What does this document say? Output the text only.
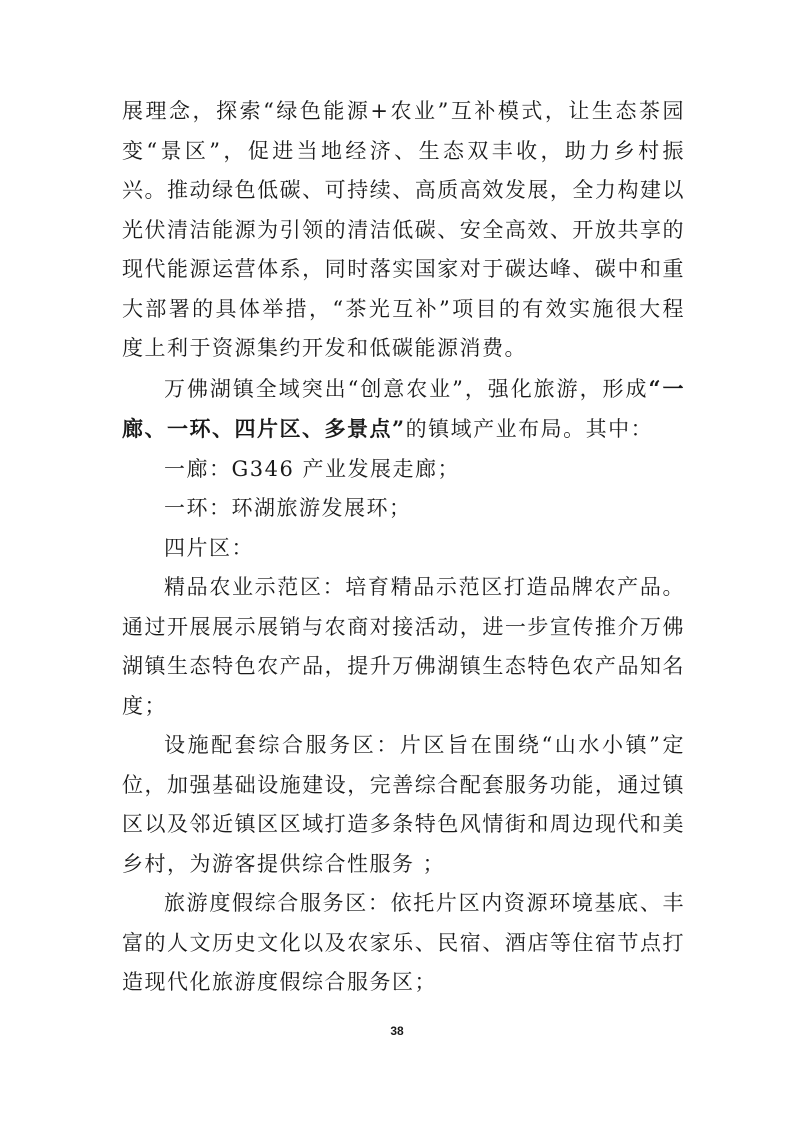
展理念，探索“绿色能源+农业”互补模式，让生态茶园变“景区”，促进当地经济、生态双丰收，助力乡村振兴。推动绿色低碳、可持续、高质高效发展，全力构建以光伏清洁能源为引领的清洁低碳、安全高效、开放共享的现代能源运营体系，同时落实国家对于碳达峰、碳中和重大部署的具体举措，“茶光互补”项目的有效实施很大程度上利于资源集约开发和低碳能源消费。

万佛湖镇全域突出“创意农业”，强化旅游，形成“一廊、一环、四片区、多景点”的镇域产业布局。其中：

一廊：G346 产业发展走廊；

一环：环湖旅游发展环；

四片区：

精品农业示范区：培育精品示范区打造品牌农产品。通过开展展示展销与农商对接活动，进一步宣传推介万佛湖镇生态特色农产品，提升万佛湖镇生态特色农产品知名度；

设施配套综合服务区：片区旨在围绕“山水小镇”定位，加强基础设施建设，完善综合配套服务功能，通过镇区以及邻近镇区区域打造多条特色风情街和周边现代和美乡村，为游客提供综合性服务 ；

旅游度假综合服务区：依托片区内资源环境基底、丰富的人文历史文化以及农家乐、民宿、酒店等住宿节点打造现代化旅游度假综合服务区；

38
